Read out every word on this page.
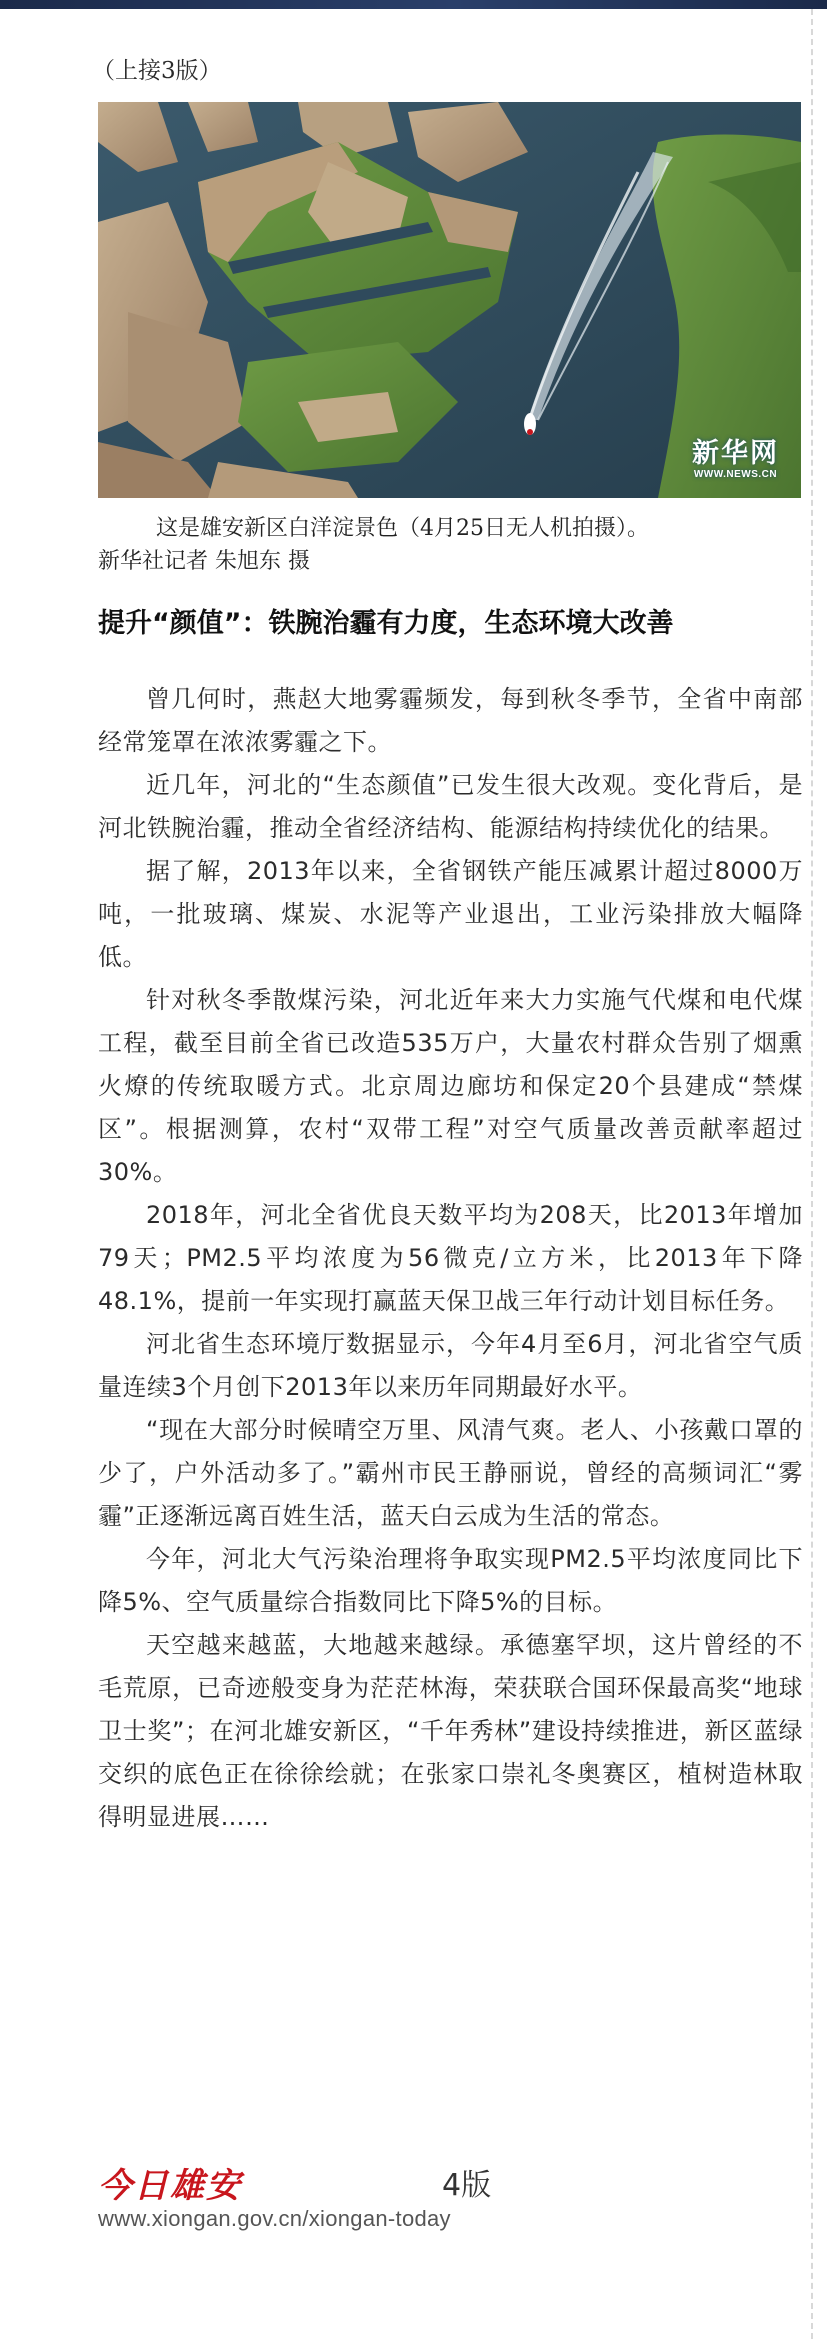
（上接3版）
新华网
WWW.NEWS.CN
这是雄安新区白洋淀景色（4月25日无人机拍摄）。
新华社记者 朱旭东 摄
提升“颜值”：铁腕治霾有力度，生态环境大改善

曾几何时，燕赵大地雾霾频发，每到秋冬季节，全省中南部经常笼罩在浓浓雾霾之下。

近几年，河北的“生态颜值”已发生很大改观。变化背后，是河北铁腕治霾，推动全省经济结构、能源结构持续优化的结果。

据了解，2013年以来，全省钢铁产能压减累计超过8000万吨，一批玻璃、煤炭、水泥等产业退出，工业污染排放大幅降低。

针对秋冬季散煤污染，河北近年来大力实施气代煤和电代煤工程，截至目前全省已改造535万户，大量农村群众告别了烟熏火燎的传统取暖方式。北京周边廊坊和保定20个县建成“禁煤区”。根据测算，农村“双带工程”对空气质量改善贡献率超过30%。

2018年，河北全省优良天数平均为208天，比2013年增加79天；PM2.5平均浓度为56微克/立方米，比2013年下降48.1%，提前一年实现打赢蓝天保卫战三年行动计划目标任务。

河北省生态环境厅数据显示，今年4月至6月，河北省空气质量连续3个月创下2013年以来历年同期最好水平。

“现在大部分时候晴空万里、风清气爽。老人、小孩戴口罩的少了，户外活动多了。”霸州市民王静丽说，曾经的高频词汇“雾霾”正逐渐远离百姓生活，蓝天白云成为生活的常态。

今年，河北大气污染治理将争取实现PM2.5平均浓度同比下降5%、空气质量综合指数同比下降5%的目标。

天空越来越蓝，大地越来越绿。承德塞罕坝，这片曾经的不毛荒原，已奇迹般变身为茫茫林海，荣获联合国环保最高奖“地球卫士奖”；在河北雄安新区，“千年秀林”建设持续推进，新区蓝绿交织的底色正在徐徐绘就；在张家口崇礼冬奥赛区，植树造林取得明显进展……

今日雄安	4版
www.xiongan.gov.cn/xiongan-today
